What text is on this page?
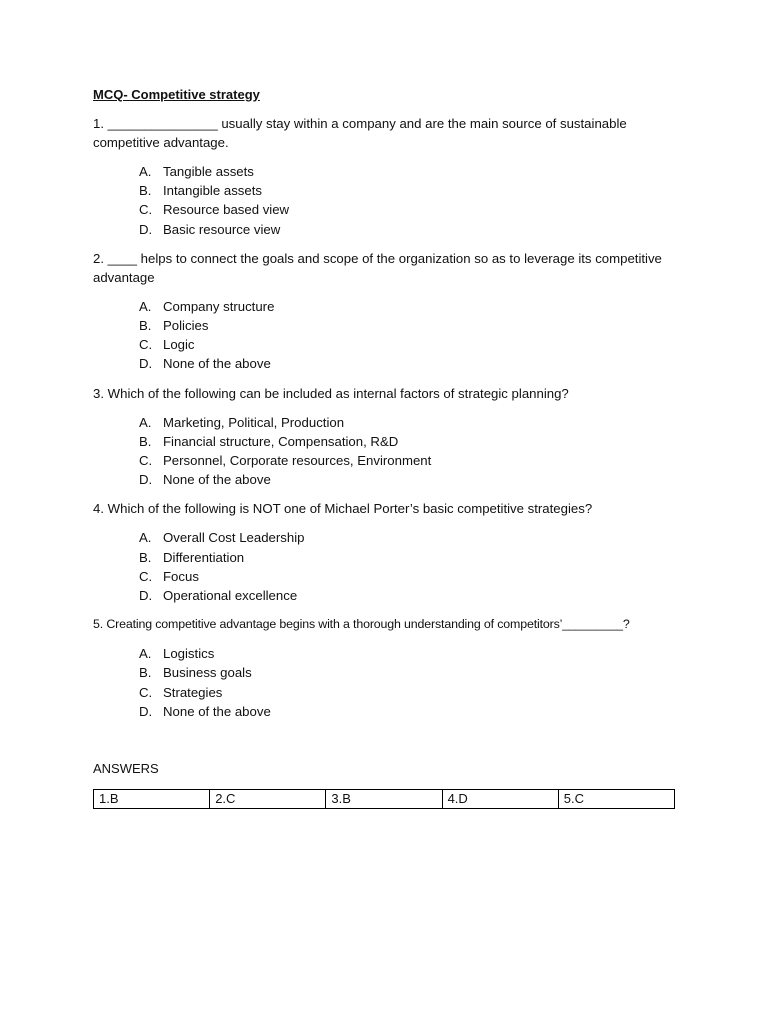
MCQ- Competitive strategy

1. _______________ usually stay within a company and are the main source of sustainable competitive advantage.

A. Tangible assets
B. Intangible assets
C. Resource based view
D. Basic resource view

2. ____ helps to connect the goals and scope of the organization so as to leverage its competitive advantage

A. Company structure
B. Policies
C. Logic
D. None of the above

3. Which of the following can be included as internal factors of strategic planning?

A. Marketing, Political, Production
B. Financial structure, Compensation, R&D
C. Personnel, Corporate resources, Environment
D. None of the above

4. Which of the following is NOT one of Michael Porter’s basic competitive strategies?

A. Overall Cost Leadership
B. Differentiation
C. Focus
D. Operational excellence

5. Creating competitive advantage begins with a thorough understanding of competitors’_________?

A. Logistics
B. Business goals
C. Strategies
D. None of the above

ANSWERS

1.B	2.C	3.B	4.D	5.C
